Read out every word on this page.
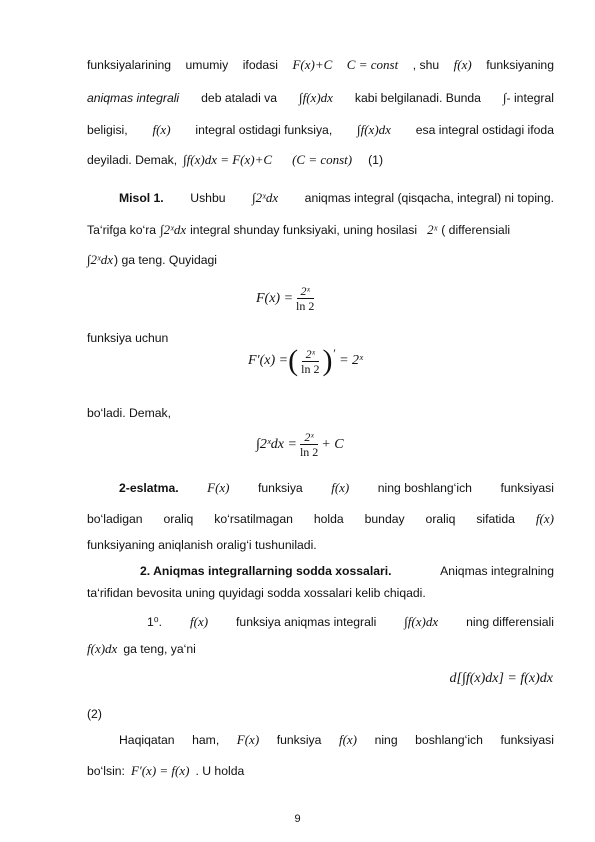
funksiyalarining umumiy ifodasi F(x)+C C = const , shu f(x) funksiyaning
aniqmas integrali deb ataladi va ∫f(x)dx kabi belgilanadi. Bunda ∫- integral
beligisi, f(x) integral ostidagi funksiya, ∫f(x)dx esa integral ostidagi ifoda
deyiladi. Demak, ∫f(x)dx = F(x)+C (C = const) (1)
Misol 1. Ushbu ∫2ˣdx aniqmas integral (qisqacha, integral) ni toping.
Ta‘rifga ko‘ra ∫2ˣdx integral shunday funksiyaki, uning hosilasi 2ˣ ( differensiali
∫2ˣdx ) ga teng. Quyidagi
$F(x) = \frac{\text{2ˣ}}{\ln 2}$
funksiya uchun
F′(x) = ( $\frac{\text{2ˣ}}{\ln 2}$ ) ′ = 2ˣ
bo‘ladi. Demak,
∫2ˣdx = $\frac{\text{2ˣ}}{\ln 2} + C$
2-eslatma. F(x) funksiya f(x) ning boshlang‘ich funksiyasi
bo‘ladigan oraliq ko‘rsatilmagan holda bunday oraliq sifatida f(x)
funksiyaning aniqlanish oralig‘i tushuniladi.
2. Aniqmas integrallarning sodda xossalari.	Aniqmas integralning
ta‘rifidan bevosita uning quyidagi sodda xossalari kelib chiqadi.
1⁰. f(x) funksiya aniqmas integrali ∫f(x)dx ning differensiali
f(x)dx ga teng, ya‘ni
d[∫f(x)dx] = f(x)dx
(2)
Haqiqatan ham, F(x) funksiya f(x) ning boshlang‘ich funksiyasi
bo‘lsin: F′(x) = f(x) . U holda
9
